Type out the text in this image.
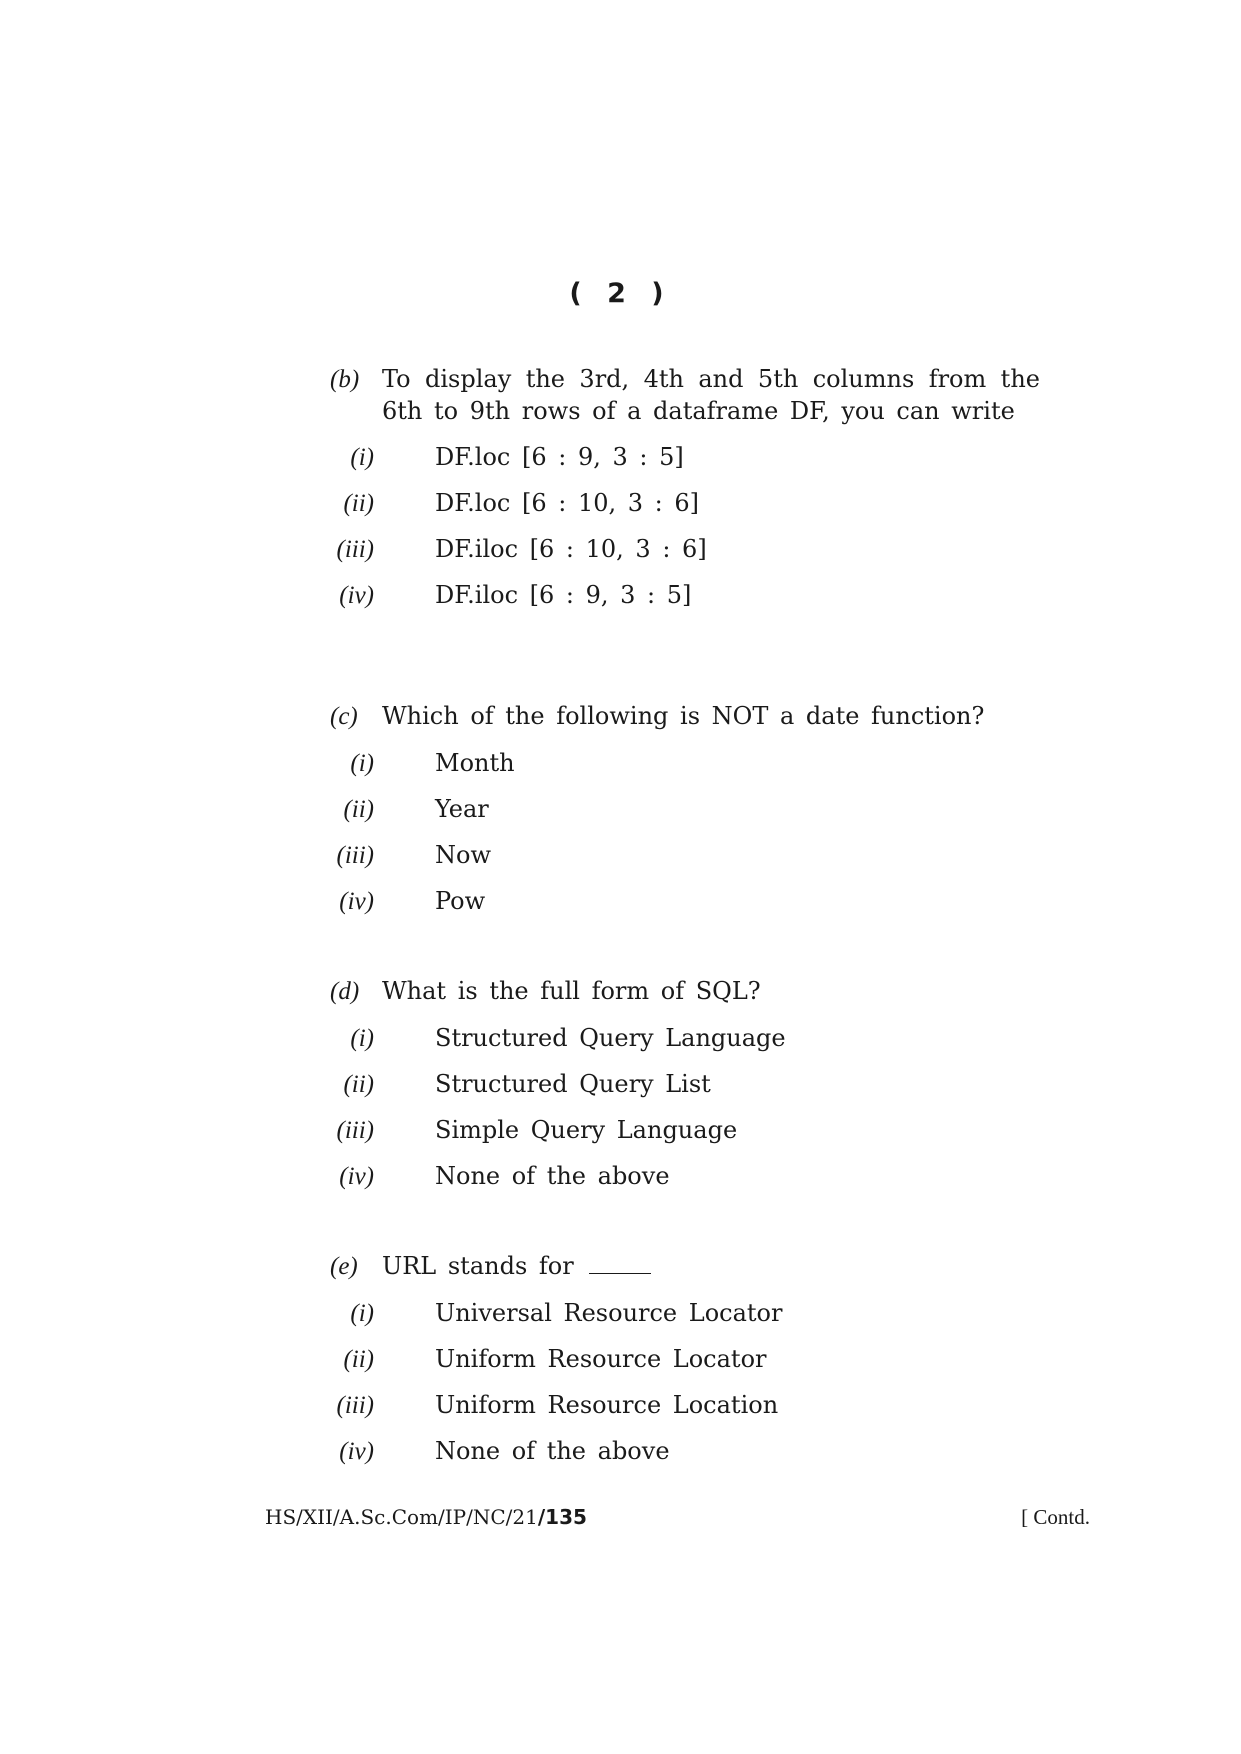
( 2 )
(b) To display the 3rd, 4th and 5th columns from the 6th to 9th rows of a dataframe DF, you can write
(i)	DF.loc [6 : 9, 3 : 5]
(ii)	DF.loc [6 : 10, 3 : 6]
(iii)	DF.iloc [6 : 10, 3 : 6]
(iv)	DF.iloc [6 : 9, 3 : 5]
(c)	Which of the following is NOT a date function?
(i)	Month
(ii)	Year
(iii)	Now
(iv)	Pow
(d) What is the full form of SQL?
(i)	Structured Query Language
(ii)	Structured Query List
(iii)	Simple Query Language
(iv)	None of the above
(e)	URL stands for
(i)	Universal Resource Locator
(ii)	Uniform Resource Locator
(iii)	Uniform Resource Location
(iv)	None of the above
HS/XII/A.Sc.Com/IP/NC/21/135	[ Contd.
